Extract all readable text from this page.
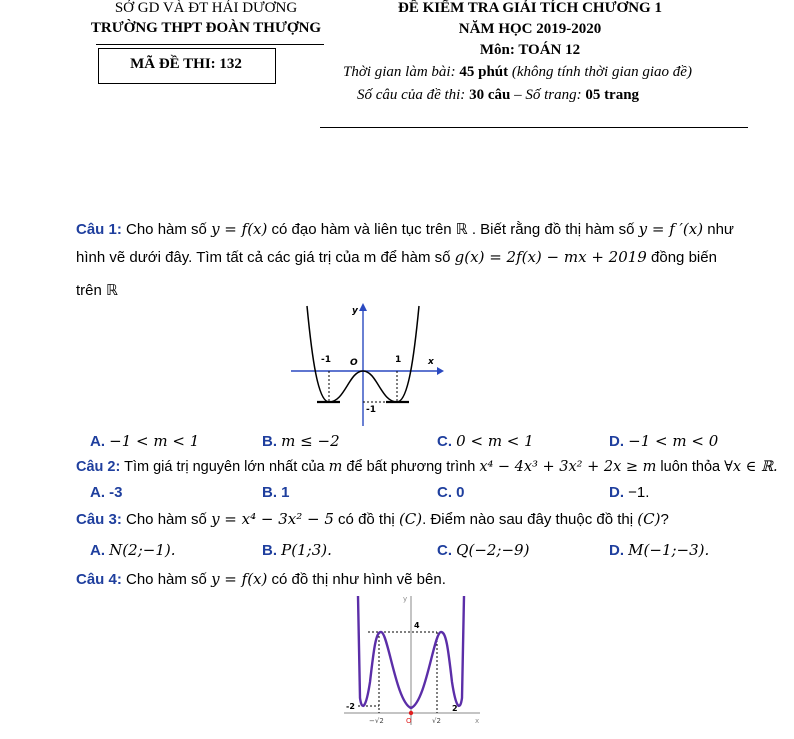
SỞ GD VÀ ĐT HẢI DƯƠNG
TRƯỜNG THPT ĐOÀN THƯỢNG
MÃ ĐỀ THI: 132
ĐỀ KIỂM TRA GIẢI TÍCH CHƯƠNG 1
NĂM HỌC 2019-2020
Môn: TOÁN 12
Thời gian làm bài: 45 phút (không tính thời gian giao đề)
Số câu của đề thi: 30 câu – Số trang: 05 trang
Câu 1: Cho hàm số y = f(x) có đạo hàm và liên tục trên ℝ . Biết rằng đồ thị hàm số y = f ′(x) như
hình vẽ dưới đây. Tìm tất cả các giá trị của m để hàm số g(x) = 2f(x) − mx + 2019 đồng biến
trên ℝ
-1 O	1	x
y
-1
A. −1 < m < 1	B. m ≤ −2	C. 0 < m < 1	D. −1 < m < 0
Câu 2: Tìm giá trị nguyên lớn nhất của m để bất phương trình x⁴ − 4x³ + 3x² + 2x ≥ m luôn thỏa ∀x ∈ ℝ.
A. -3	B. 1	C. 0	D. −1.
Câu 3: Cho hàm số y = x⁴ − 3x² − 5 có đồ thị (C). Điểm nào sau đây thuộc đồ thị (C)?
A. N(2;−1).	B. P(1;3).	C. Q(−2;−9)	D. M(−1;−3).
Câu 4: Cho hàm số y = f(x) có đồ thị như hình vẽ bên.
4
-2
−√2	O	√2
2
x
y
